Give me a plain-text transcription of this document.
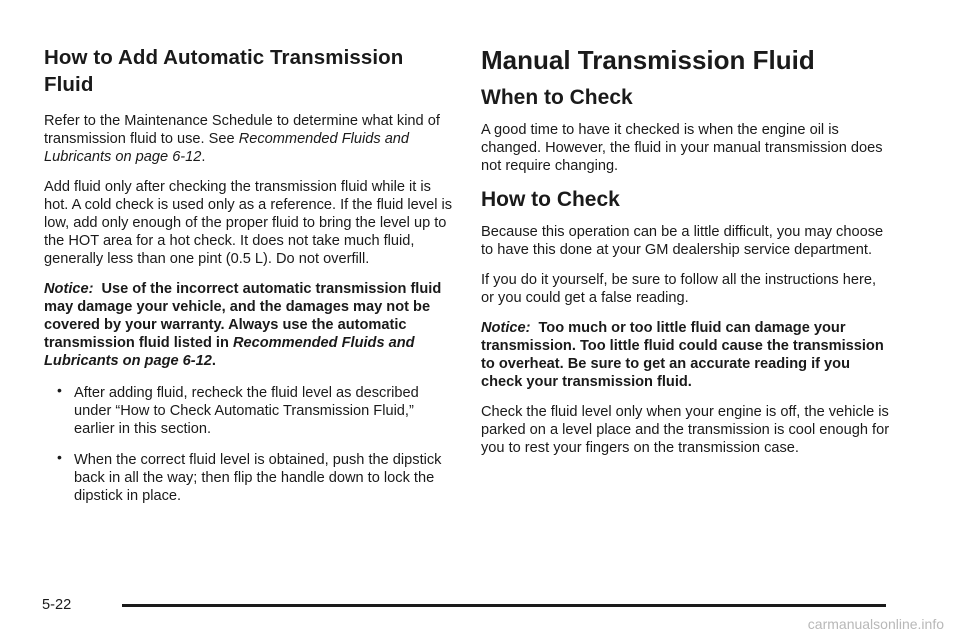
How to Add Automatic Transmission Fluid

Refer to the Maintenance Schedule to determine what kind of transmission fluid to use. See Recommended Fluids and Lubricants on page 6-12.

Add fluid only after checking the transmission fluid while it is hot. A cold check is used only as a reference. If the fluid level is low, add only enough of the proper fluid to bring the level up to the HOT area for a hot check. It does not take much fluid, generally less than one pint (0.5 L). Do not overfill.

Notice: Use of the incorrect automatic transmission fluid may damage your vehicle, and the damages may not be covered by your warranty. Always use the automatic transmission fluid listed in Recommended Fluids and Lubricants on page 6-12.

• After adding fluid, recheck the fluid level as described under “How to Check Automatic Transmission Fluid,” earlier in this section.
• When the correct fluid level is obtained, push the dipstick back in all the way; then flip the handle down to lock the dipstick in place.
Manual Transmission Fluid
When to Check

A good time to have it checked is when the engine oil is changed. However, the fluid in your manual transmission does not require changing.

How to Check

Because this operation can be a little difficult, you may choose to have this done at your GM dealership service department.

If you do it yourself, be sure to follow all the instructions here, or you could get a false reading.

Notice: Too much or too little fluid can damage your transmission. Too little fluid could cause the transmission to overheat. Be sure to get an accurate reading if you check your transmission fluid.

Check the fluid level only when your engine is off, the vehicle is parked on a level place and the transmission is cool enough for you to rest your fingers on the transmission case.

5-22
carmanualsonline.info
